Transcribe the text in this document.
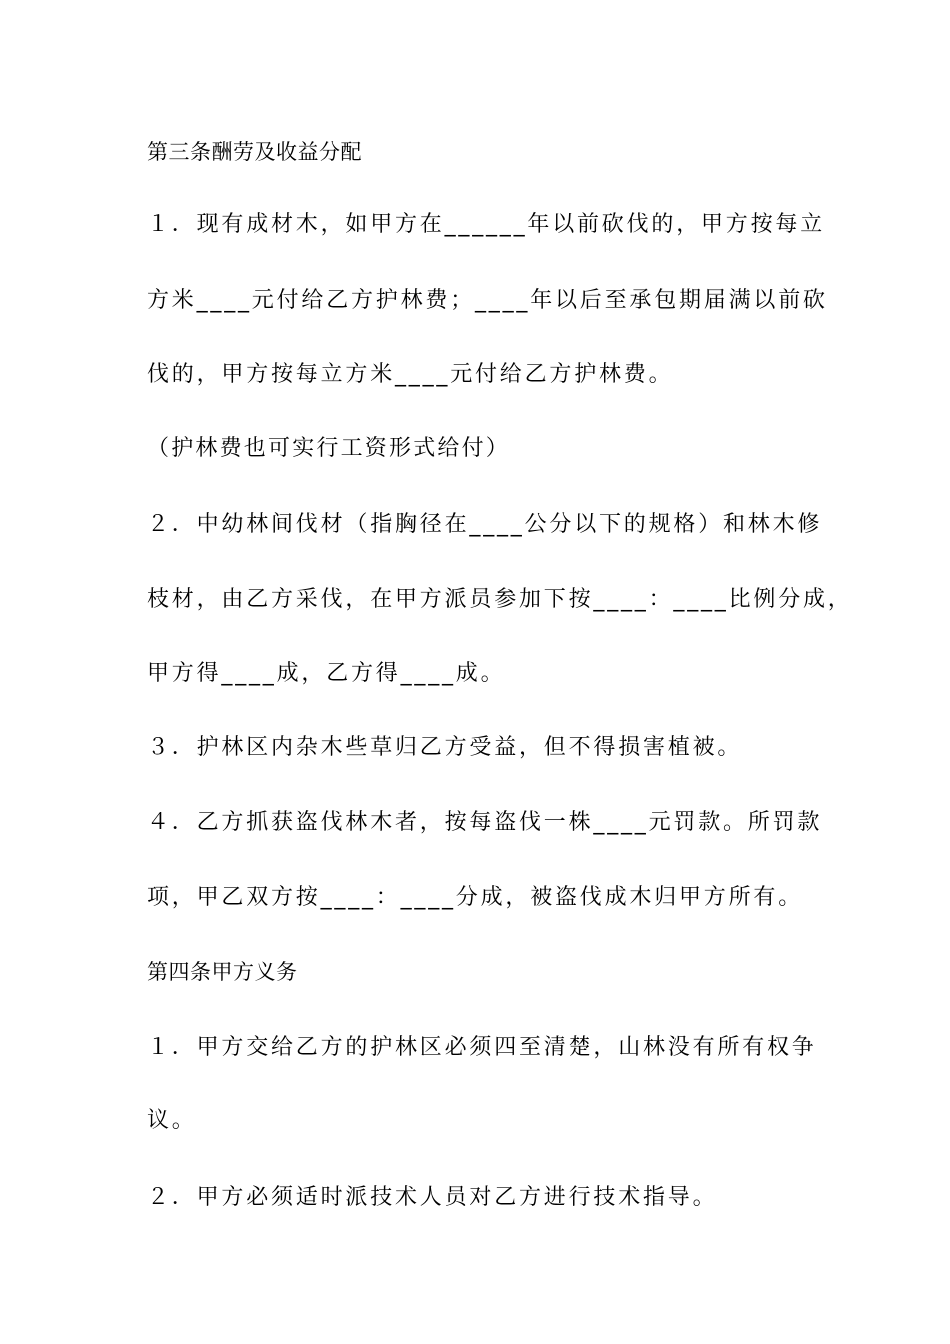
第三条酬劳及收益分配
１．现有成材木，如甲方在______年以前砍伐的，甲方按每立
方米____元付给乙方护林费；____年以后至承包期届满以前砍
伐的，甲方按每立方米____元付给乙方护林费。
（护林费也可实行工资形式给付）
２．中幼林间伐材（指胸径在____公分以下的规格）和林木修
枝材，由乙方采伐，在甲方派员参加下按____：____比例分成，
甲方得____成，乙方得____成。
３．护林区内杂木些草归乙方受益，但不得损害植被。
４．乙方抓获盗伐林木者，按每盗伐一株____元罚款。所罚款
项，甲乙双方按____：____分成，被盗伐成木归甲方所有。
第四条甲方义务
１．甲方交给乙方的护林区必须四至清楚，山林没有所有权争
议。
２．甲方必须适时派技术人员对乙方进行技术指导。
